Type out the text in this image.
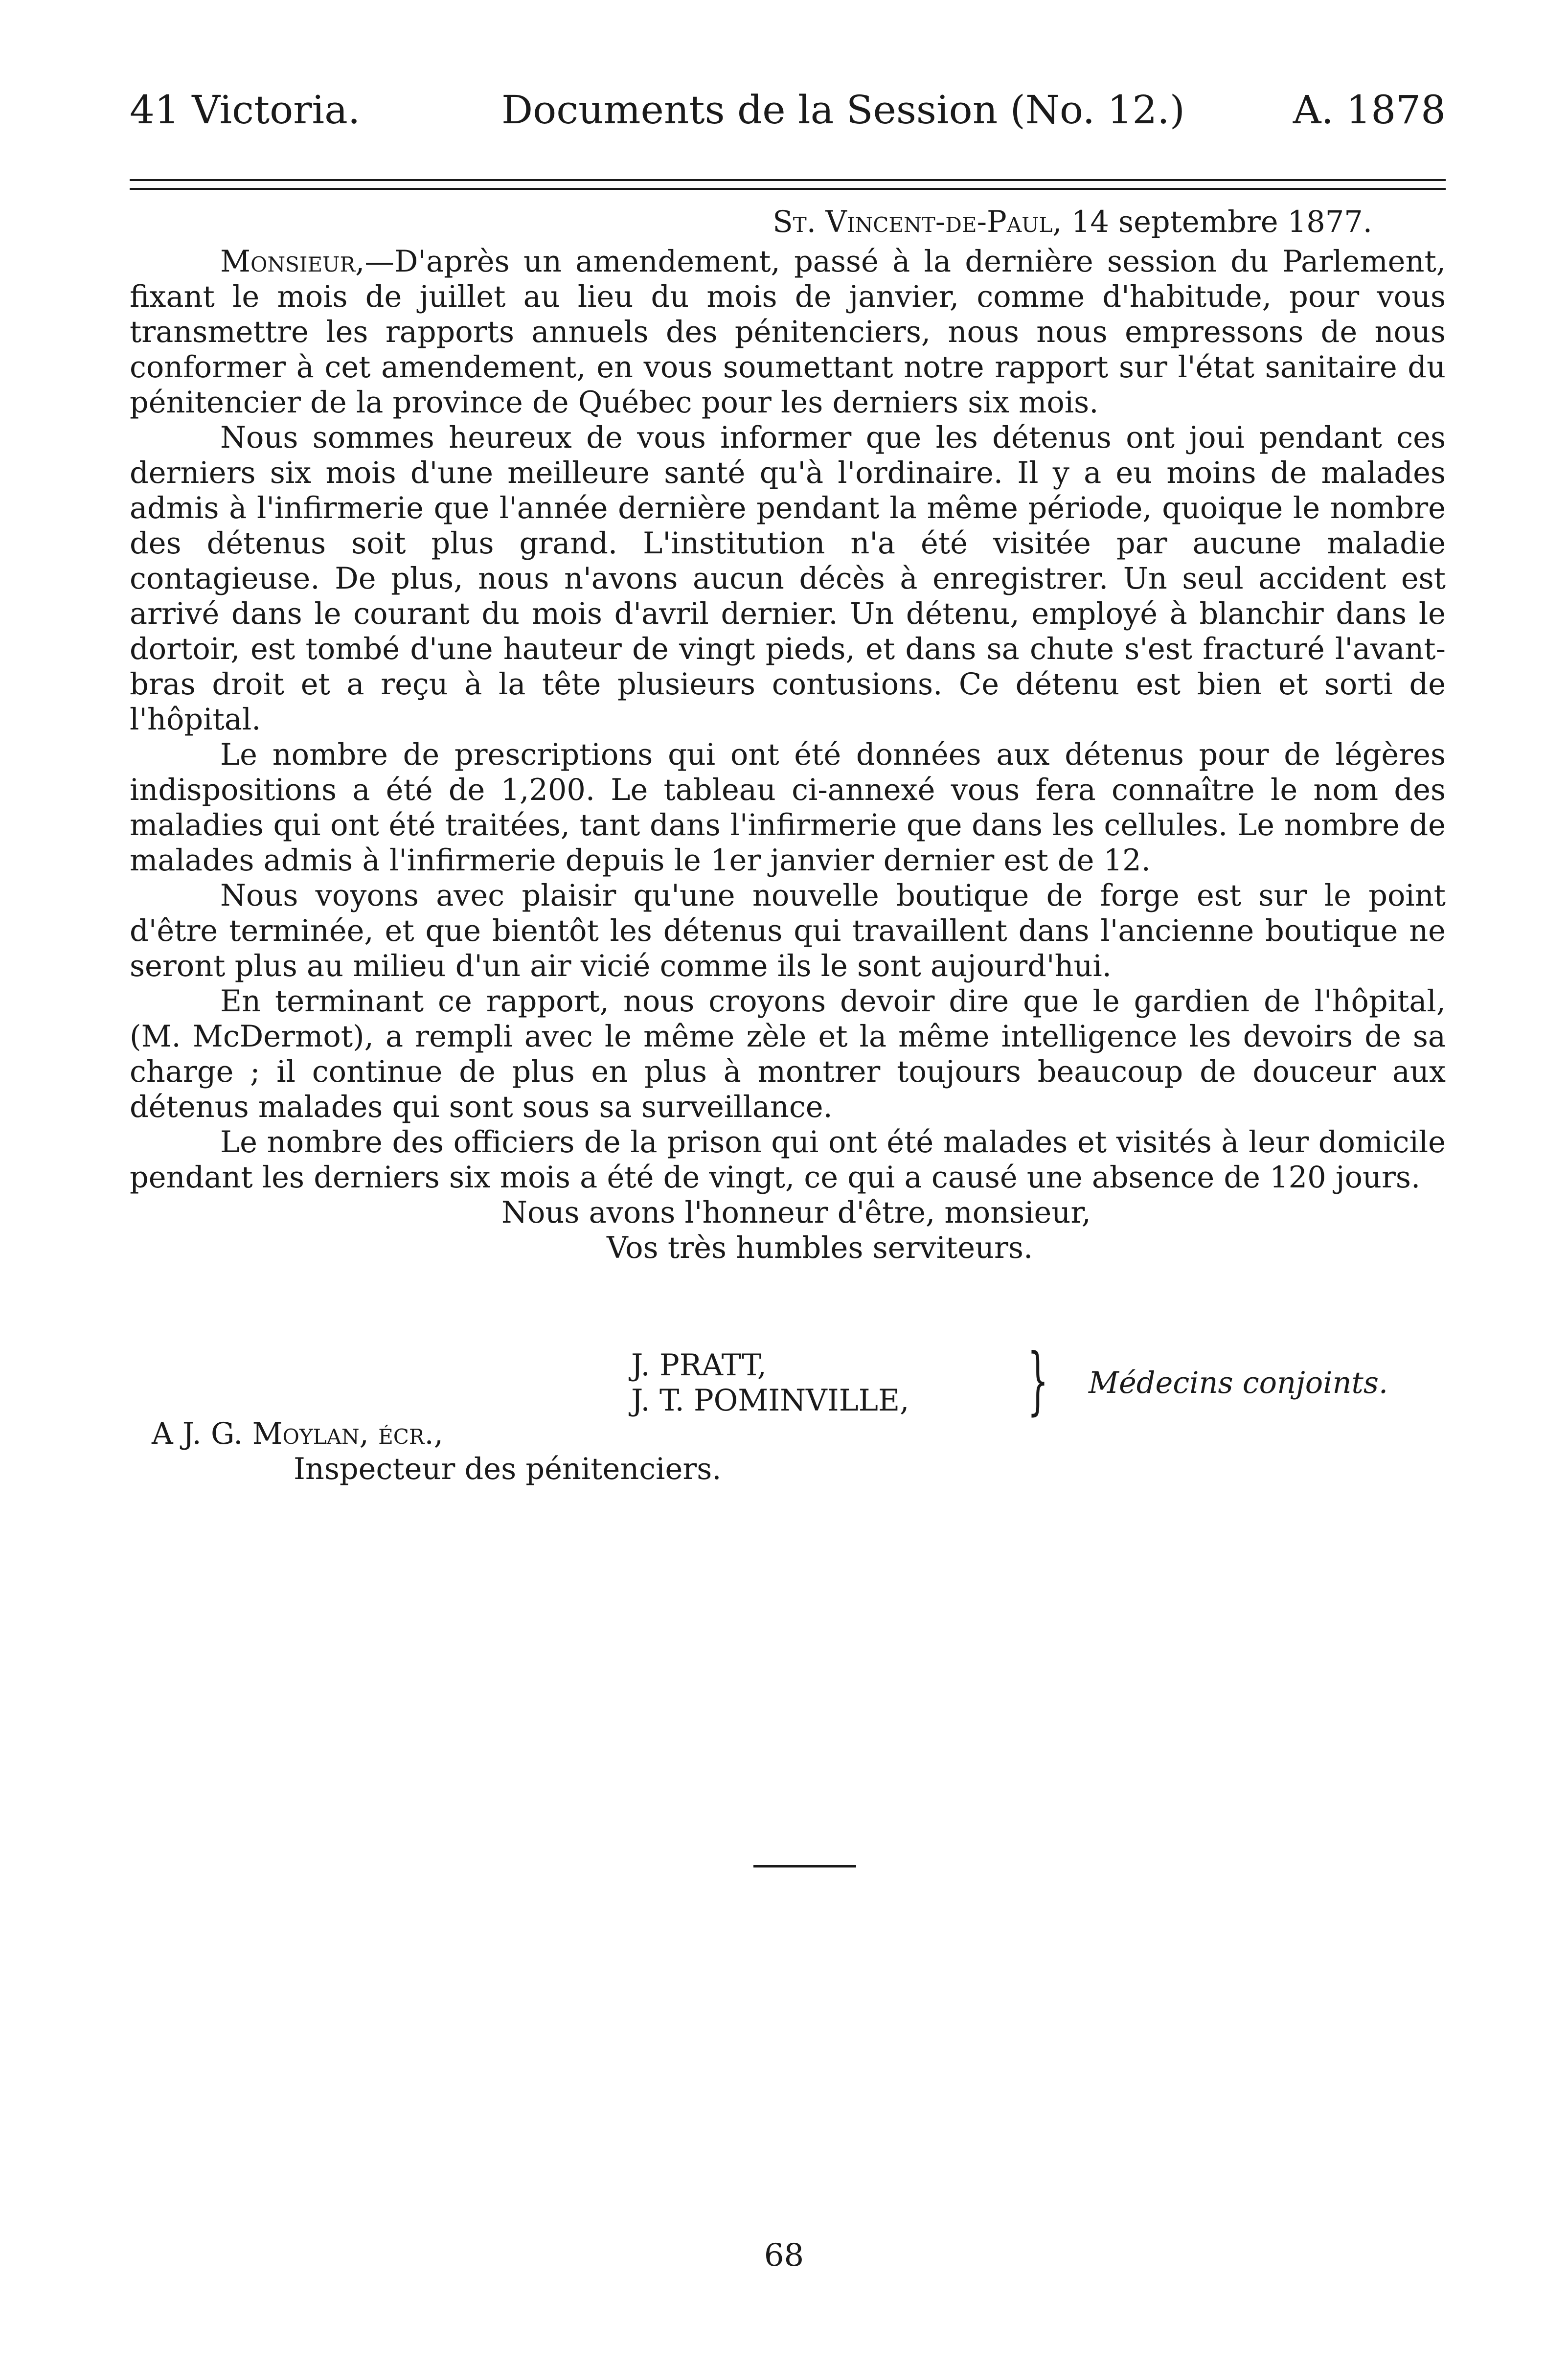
41 Victoria.	Documents de la Session (No. 12.)	A. 1878
St. Vincent-de-Paul, 14 septembre 1877.

Monsieur,—D'après un amendement, passé à la dernière session du Parlement, fixant le mois de juillet au lieu du mois de janvier, comme d'habitude, pour vous transmettre les rapports annuels des pénitenciers, nous nous empressons de nous conformer à cet amendement, en vous soumettant notre rapport sur l'état sanitaire du pénitencier de la province de Québec pour les derniers six mois.

Nous sommes heureux de vous informer que les détenus ont joui pendant ces derniers six mois d'une meilleure santé qu'à l'ordinaire. Il y a eu moins de malades admis à l'infirmerie que l'année dernière pendant la même période, quoique le nombre des détenus soit plus grand. L'institution n'a été visitée par aucune maladie contagieuse. De plus, nous n'avons aucun décès à enregistrer. Un seul accident est arrivé dans le courant du mois d'avril dernier. Un détenu, employé à blanchir dans le dortoir, est tombé d'une hauteur de vingt pieds, et dans sa chute s'est fracturé l'avant-bras droit et a reçu à la tête plusieurs contusions. Ce détenu est bien et sorti de l'hôpital.

Le nombre de prescriptions qui ont été données aux détenus pour de légères indispositions a été de 1,200. Le tableau ci-annexé vous fera connaître le nom des maladies qui ont été traitées, tant dans l'infirmerie que dans les cellules. Le nombre de malades admis à l'infirmerie depuis le 1er janvier dernier est de 12.

Nous voyons avec plaisir qu'une nouvelle boutique de forge est sur le point d'être terminée, et que bientôt les détenus qui travaillent dans l'ancienne boutique ne seront plus au milieu d'un air vicié comme ils le sont aujourd'hui.

En terminant ce rapport, nous croyons devoir dire que le gardien de l'hôpital, (M. McDermot), a rempli avec le même zèle et la même intelligence les devoirs de sa charge ; il continue de plus en plus à montrer toujours beaucoup de douceur aux détenus malades qui sont sous sa surveillance.

Le nombre des officiers de la prison qui ont été malades et visités à leur domicile pendant les derniers six mois a été de vingt, ce qui a causé une absence de 120 jours.

Nous avons l'honneur d'être, monsieur,

Vos très humbles serviteurs.

J. PRATT,
J. T. POMINVILLE, } Médecins conjoints.
A J. G. Moylan, écr.,
Inspecteur des pénitenciers.
68
